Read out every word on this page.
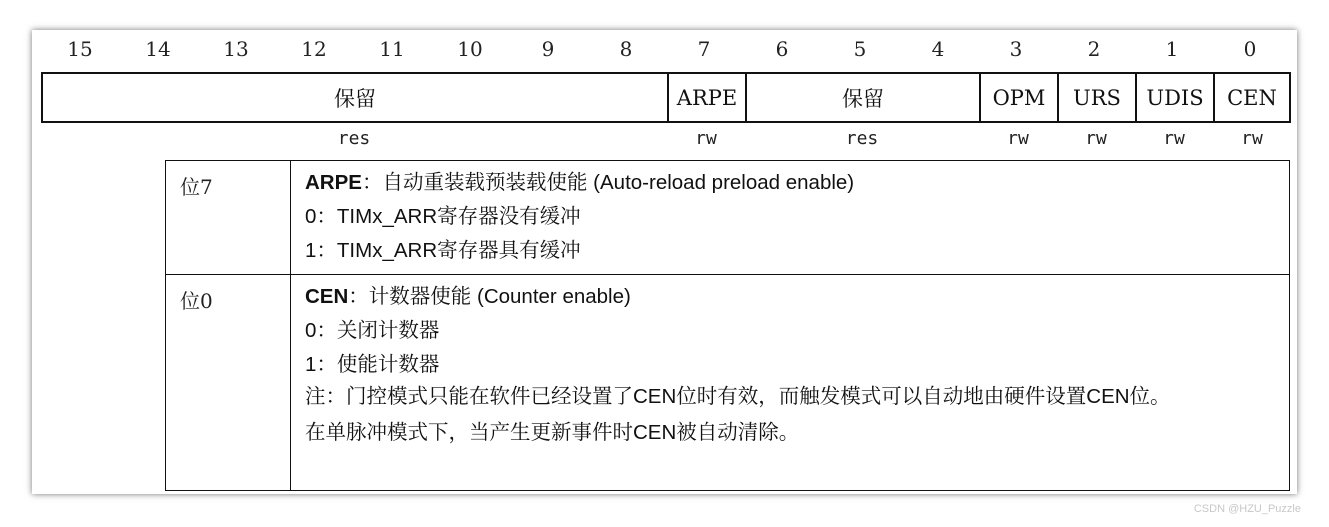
15	14	13	12	11	10	9	8	7	6	5	4	3	2	1	0
保留	ARPE	保留	OPM	URS	UDIS	CEN
res	rw	res	rw	rw	rw	rw
位7	ARPE：自动重装载预装载使能 (Auto-reload preload enable)
0：TIMx_ARR寄存器没有缓冲
1：TIMx_ARR寄存器具有缓冲
位0	CEN：计数器使能 (Counter enable)
0：关闭计数器
1：使能计数器
注：门控模式只能在软件已经设置了CEN位时有效，而触发模式可以自动地由硬件设置CEN位。
在单脉冲模式下，当产生更新事件时CEN被自动清除。
CSDN @HZU_Puzzle
